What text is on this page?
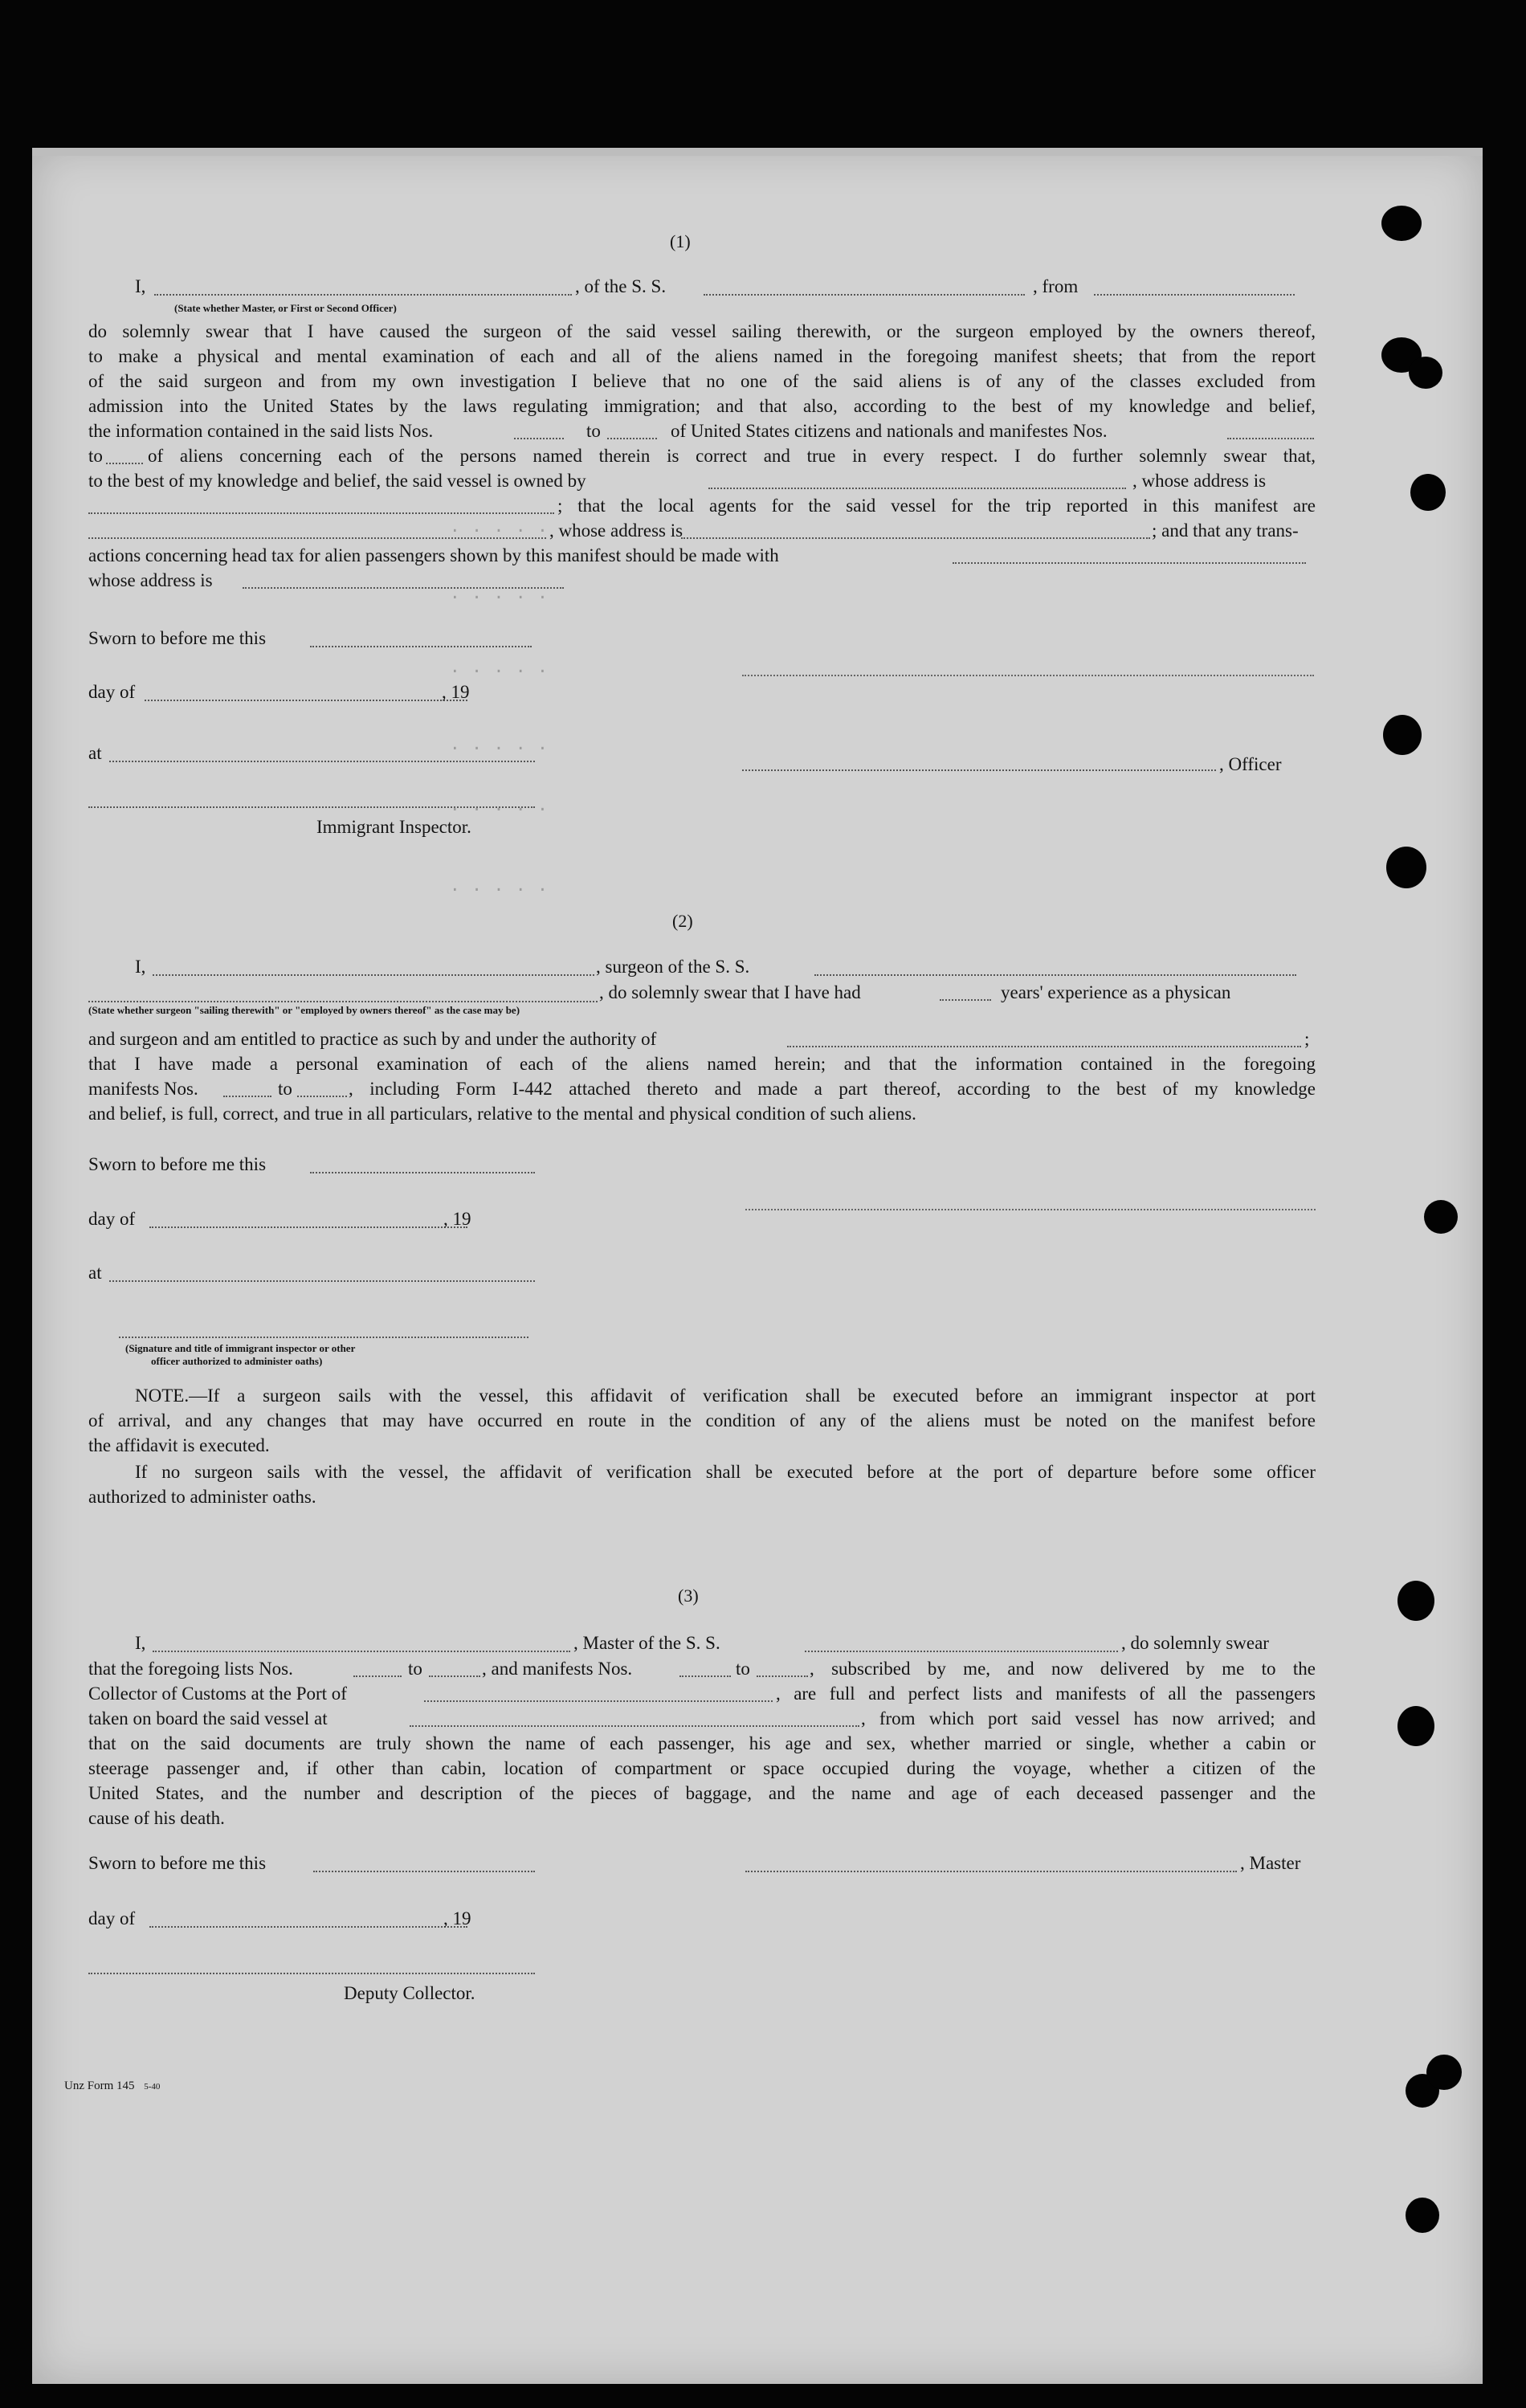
(1)
I,
(State whether Master, or First or Second Officer)
, of the S. S.	, from
do solemnly swear that I have caused the surgeon of the said vessel sailing therewith, or the surgeon employed by the owners thereof,
to make a physical and mental examination of each and all of the aliens named in the foregoing manifest sheets; that from the report
of the said surgeon and from my own investigation I believe that no one of the said aliens is of any of the classes excluded from
admission into the United States by the laws regulating immigration; and that also, according to the best of my knowledge and belief,
the information contained in the said lists Nos.	to	of United States citizens and nationals and manifestes Nos.
to of aliens concerning each of the persons named therein is correct and true in every respect. I do further solemnly swear that,
to the best of my knowledge and belief, the said vessel is owned by	, whose address is
; that the local agents for the said vessel for the trip reported in this manifest are
, whose address is	; and that any trans-
actions concerning head tax for alien passengers shown by this manifest should be made with
whose address is
Sworn to before me this
day of	, 19
at
, Officer
Immigrant Inspector.
(2)
I,	, surgeon of the S. S.
, do solemnly swear that I have had	years' experience as a physican
(State whether surgeon "sailing therewith" or "employed by owners thereof" as the case may be)
and surgeon and am entitled to practice as such by and under the authority of	;
that I have made a personal examination of each of the aliens named herein; and that the information contained in the foregoing
manifests Nos.	to	, including Form I-442 attached thereto and made a part thereof, according to the best of my knowledge
and belief, is full, correct, and true in all particulars, relative to the mental and physical condition of such aliens.
Sworn to before me this
day of	, 19
at
(Signature and title of immigrant inspector or other
officer authorized to administer oaths)
NOTE.—If a surgeon sails with the vessel, this affidavit of verification shall be executed before an immigrant inspector at port
of arrival, and any changes that may have occurred en route in the condition of any of the aliens must be noted on the manifest before
the affidavit is executed.
If no surgeon sails with the vessel, the affidavit of verification shall be executed before at the port of departure before some officer
authorized to administer oaths.
(3)
I,	, Master of the S. S.	, do solemnly swear
that the foregoing lists Nos.	to	, and manifests Nos.	to	, subscribed by me, and now delivered by me to the
Collector of Customs at the Port of	, are full and perfect lists and manifests of all the passengers
taken on board the said vessel at	, from which port said vessel has now arrived; and
that on the said documents are truly shown the name of each passenger, his age and sex, whether married or single, whether a cabin or
steerage passenger and, if other than cabin, location of compartment or space occupied during the voyage, whether a citizen of the
United States, and the number and description of the pieces of baggage, and the name and age of each deceased passenger and the
cause of his death.
Sworn to before me this	, Master
day of	, 19
Deputy Collector.
Unz Form 145 5-40
· · · · ·
· · · · ·
· · · · ·
· · · · ·
· · · · ·
· · · · ·
